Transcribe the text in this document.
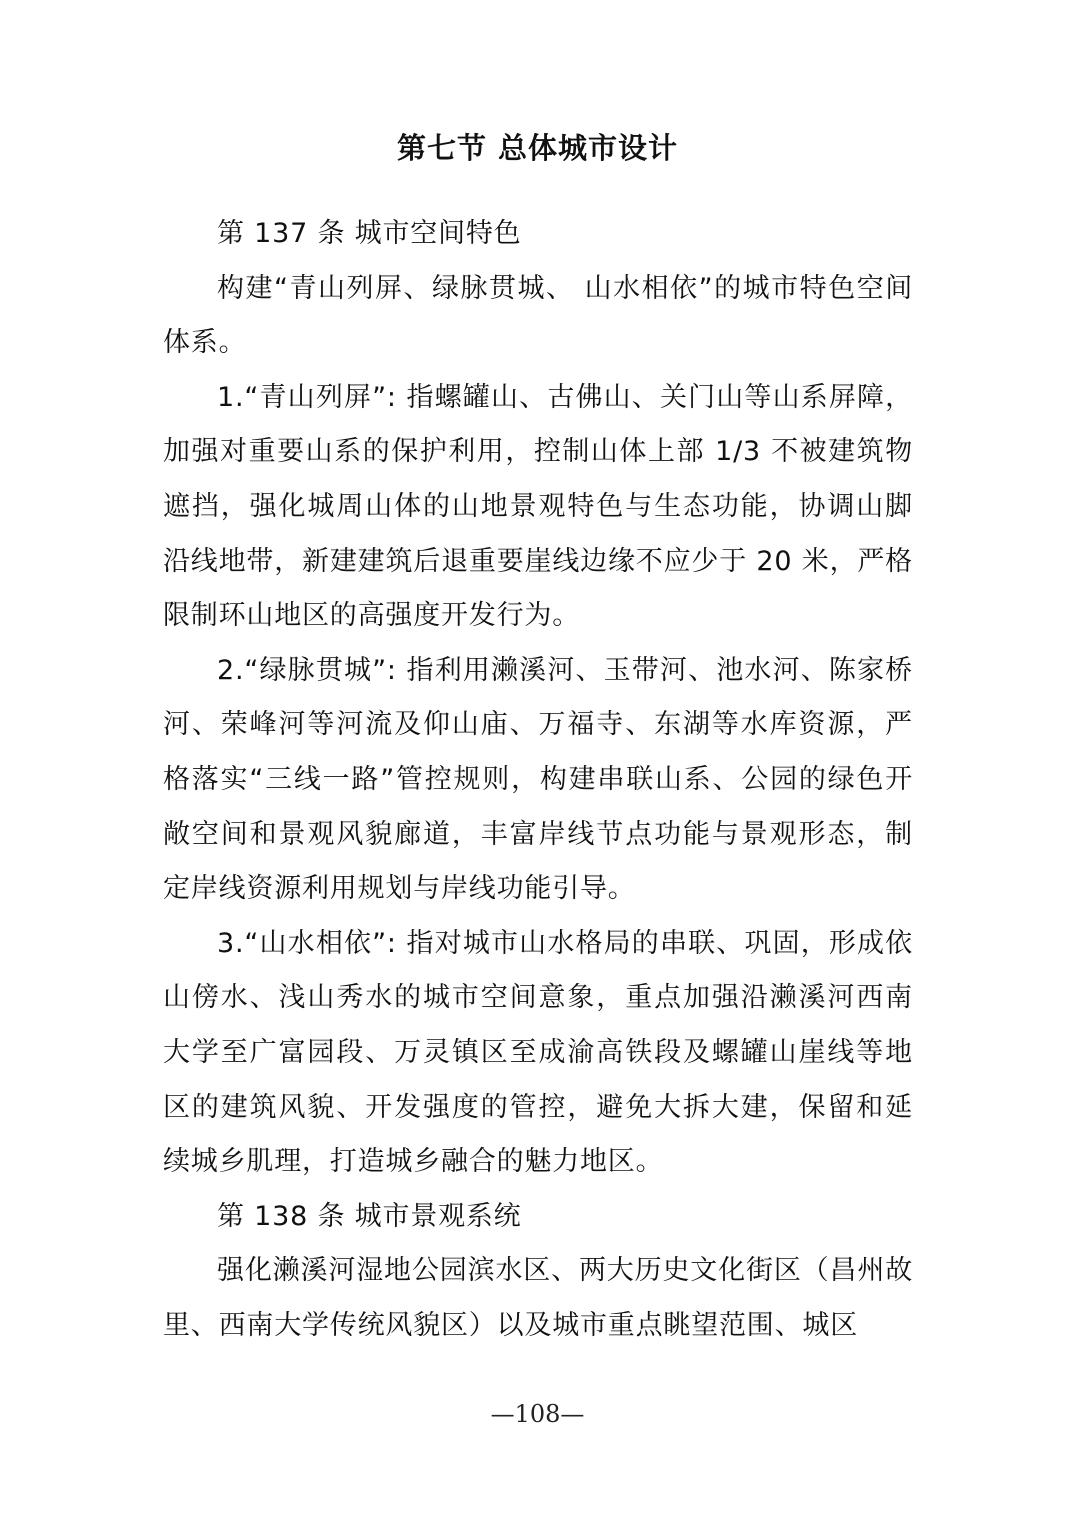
第七节 总体城市设计

第 137 条 城市空间特色

构建“青山列屏、绿脉贯城、 山水相依”的城市特色空间体系。

1.“青山列屏”: 指螺罐山、古佛山、关门山等山系屏障，加强对重要山系的保护利用，控制山体上部 1/3 不被建筑物遮挡，强化城周山体的山地景观特色与生态功能，协调山脚沿线地带，新建建筑后退重要崖线边缘不应少于 20 米，严格限制环山地区的高强度开发行为。

2.“绿脉贯城”: 指利用濑溪河、玉带河、池水河、陈家桥河、荣峰河等河流及仰山庙、万福寺、东湖等水库资源，严格落实“三线一路”管控规则，构建串联山系、公园的绿色开敞空间和景观风貌廊道，丰富岸线节点功能与景观形态，制定岸线资源利用规划与岸线功能引导。

3.“山水相依”: 指对城市山水格局的串联、巩固，形成依山傍水、浅山秀水的城市空间意象，重点加强沿濑溪河西南大学至广富园段、万灵镇区至成渝高铁段及螺罐山崖线等地区的建筑风貌、开发强度的管控，避免大拆大建，保留和延续城乡肌理，打造城乡融合的魅力地区。

第 138 条 城市景观系统

强化濑溪河湿地公园滨水区、两大历史文化街区（昌州故里、西南大学传统风貌区）以及城市重点眺望范围、城区

—108—
